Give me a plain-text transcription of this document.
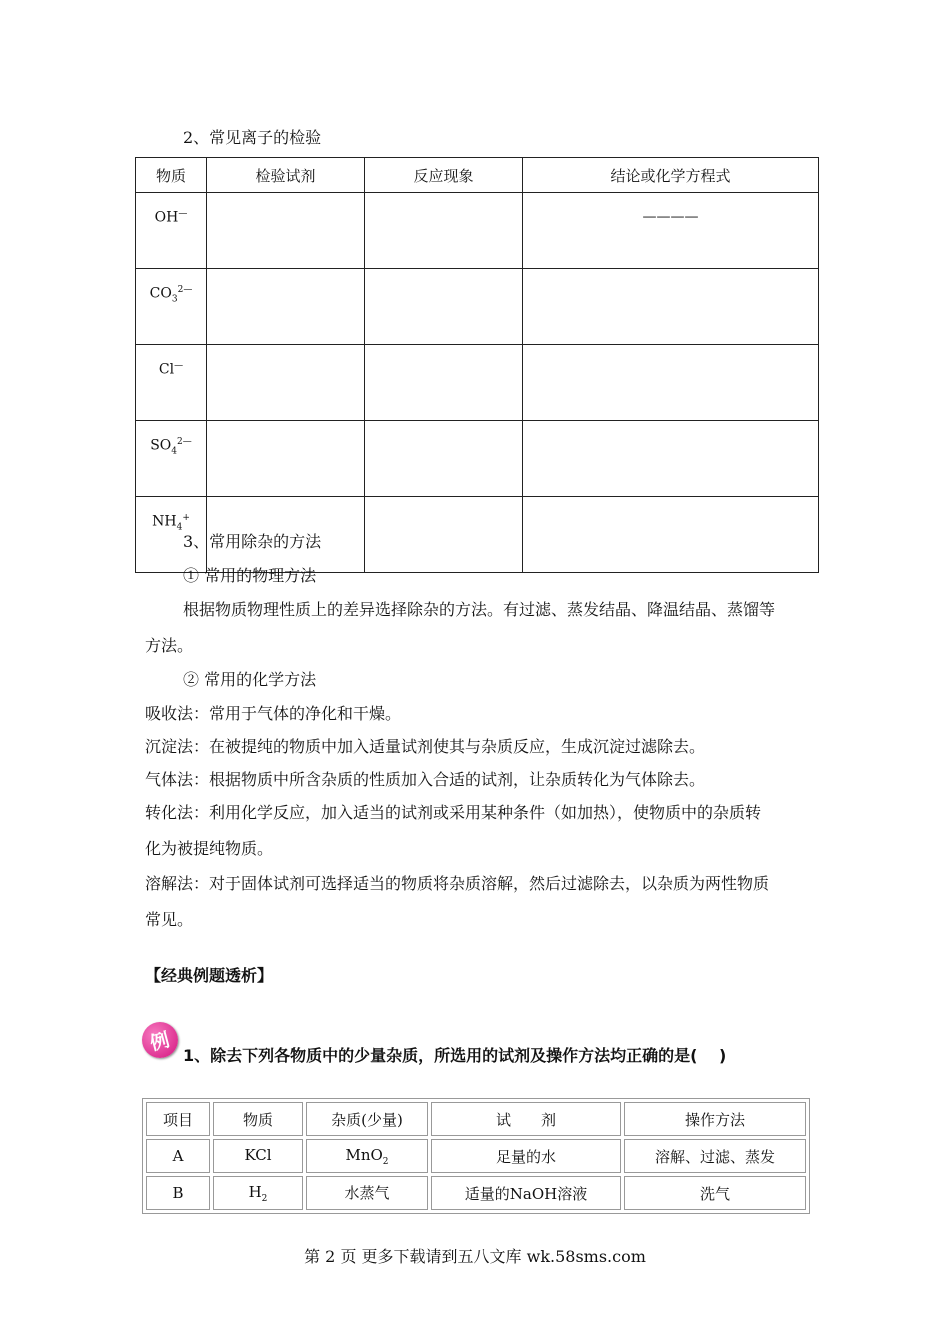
2、常见离子的检验
物质	检验试剂	反应现象	结论或化学方程式
OH—			————
$CO_3^{2—}$			
Cl—			
$SO_4^{2—}$			
$NH_4^+$			
3、常用除杂的方法
① 常用的物理方法
根据物质物理性质上的差异选择除杂的方法。有过滤、蒸发结晶、降温结晶、蒸馏等
方法。
② 常用的化学方法
吸收法：常用于气体的净化和干燥。
沉淀法：在被提纯的物质中加入适量试剂使其与杂质反应，生成沉淀过滤除去。
气体法：根据物质中所含杂质的性质加入合适的试剂，让杂质转化为气体除去。
转化法：利用化学反应，加入适当的试剂或采用某种条件（如加热），使物质中的杂质转
化为被提纯物质。
溶解法：对于固体试剂可选择适当的物质将杂质溶解，然后过滤除去，以杂质为两性物质
常见。
【经典例题透析】
例
1、除去下列各物质中的少量杂质，所选用的试剂及操作方法均正确的是(　 )
项目	物质	杂质(少量)	试　　剂	操作方法
A	KCl	MnO$_2$	足量的水	溶解、过滤、蒸发
B	$H_2$	水蒸气	适量的NaOH溶液	洗气
第 2 页 更多下载请到五八文库 wk.58sms.com
